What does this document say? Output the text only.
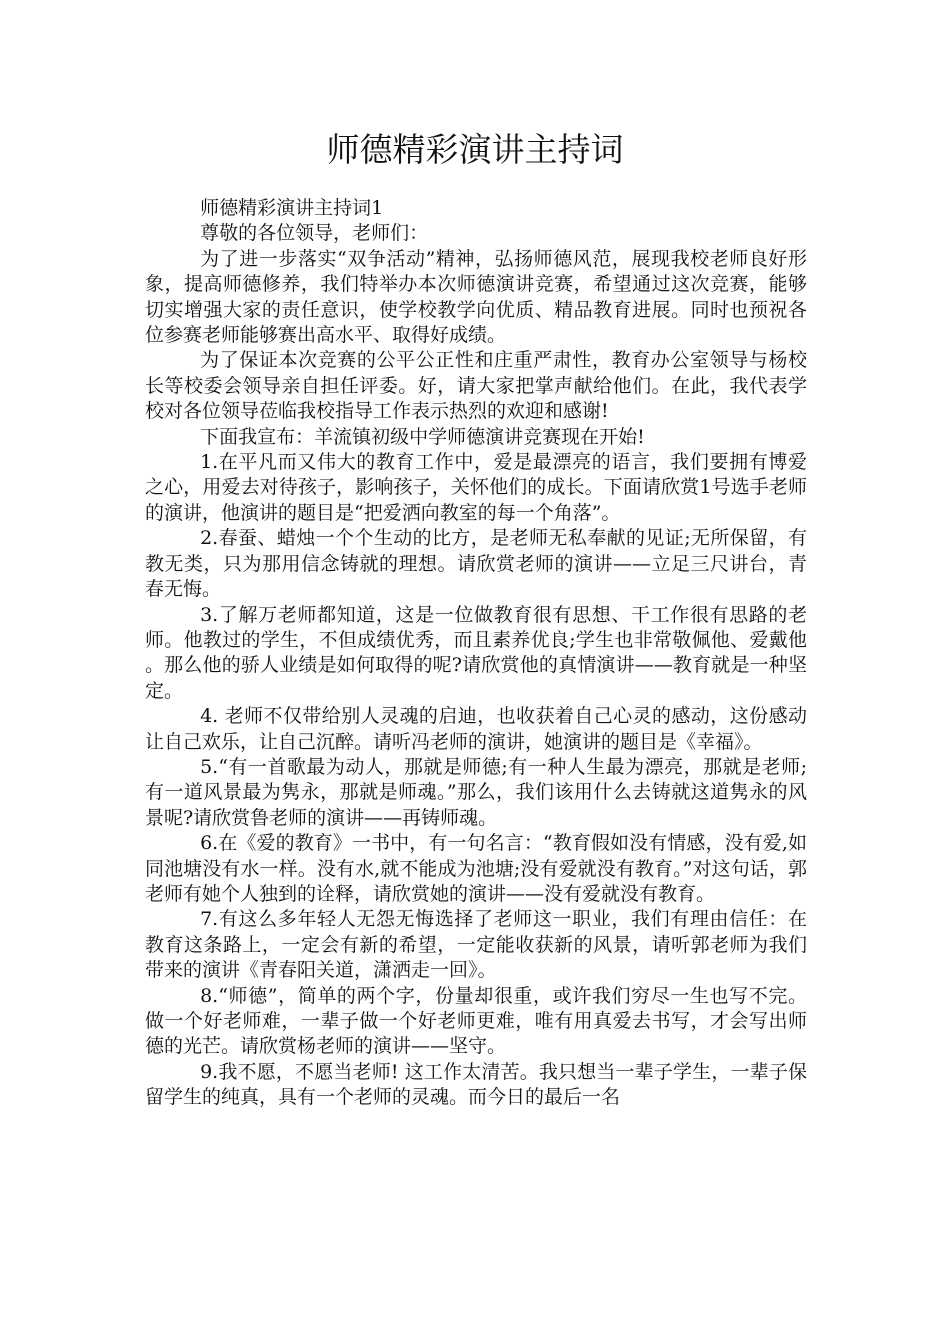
师德精彩演讲主持词

师德精彩演讲主持词1

尊敬的各位领导，老师们：

为了进一步落实“双争活动”精神，弘扬师德风范，展现我校老师良好形象，提高师德修养，我们特举办本次师德演讲竞赛，希望通过这次竞赛，能够切实增强大家的责任意识，使学校教学向优质、精品教育进展。同时也预祝各位参赛老师能够赛出高水平、取得好成绩。

为了保证本次竞赛的公平公正性和庄重严肃性，教育办公室领导与杨校长等校委会领导亲自担任评委。好，请大家把掌声献给他们。在此，我代表学校对各位领导莅临我校指导工作表示热烈的欢迎和感谢!

下面我宣布：羊流镇初级中学师德演讲竞赛现在开始!

1.在平凡而又伟大的教育工作中，爱是最漂亮的语言，我们要拥有博爱之心，用爱去对待孩子，影响孩子，关怀他们的成长。下面请欣赏1号选手老师的演讲，他演讲的题目是“把爱洒向教室的每一个角落”。

2.春蚕、蜡烛一个个生动的比方，是老师无私奉献的见证;无所保留，有教无类，只为那用信念铸就的理想。请欣赏老师的演讲——立足三尺讲台，青春无悔。

3.了解万老师都知道，这是一位做教育很有思想、干工作很有思路的老师。他教过的学生，不但成绩优秀，而且素养优良;学生也非常敬佩他、爱戴他。那么他的骄人业绩是如何取得的呢?请欣赏他的真情演讲——教育就是一种坚定。

4. 老师不仅带给别人灵魂的启迪，也收获着自己心灵的感动，这份感动让自己欢乐，让自己沉醉。请听冯老师的演讲，她演讲的题目是《幸福》。

5.“有一首歌最为动人，那就是师德;有一种人生最为漂亮，那就是老师;有一道风景最为隽永，那就是师魂。”那么，我们该用什么去铸就这道隽永的风景呢?请欣赏鲁老师的演讲——再铸师魂。

6.在《爱的教育》一书中，有一句名言：“教育假如没有情感，没有爱,如同池塘没有水一样。没有水,就不能成为池塘;没有爱就没有教育。”对这句话，郭老师有她个人独到的诠释，请欣赏她的演讲——没有爱就没有教育。

7.有这么多年轻人无怨无悔选择了老师这一职业，我们有理由信任：在教育这条路上，一定会有新的希望，一定能收获新的风景，请听郭老师为我们带来的演讲《青春阳关道，潇洒走一回》。

8.“师德”，简单的两个字，份量却很重，或许我们穷尽一生也写不完。做一个好老师难，一辈子做一个好老师更难，唯有用真爱去书写，才会写出师德的光芒。请欣赏杨老师的演讲——坚守。

9.我不愿，不愿当老师! 这工作太清苦。我只想当一辈子学生，一辈子保留学生的纯真，具有一个老师的灵魂。而今日的最后一名
